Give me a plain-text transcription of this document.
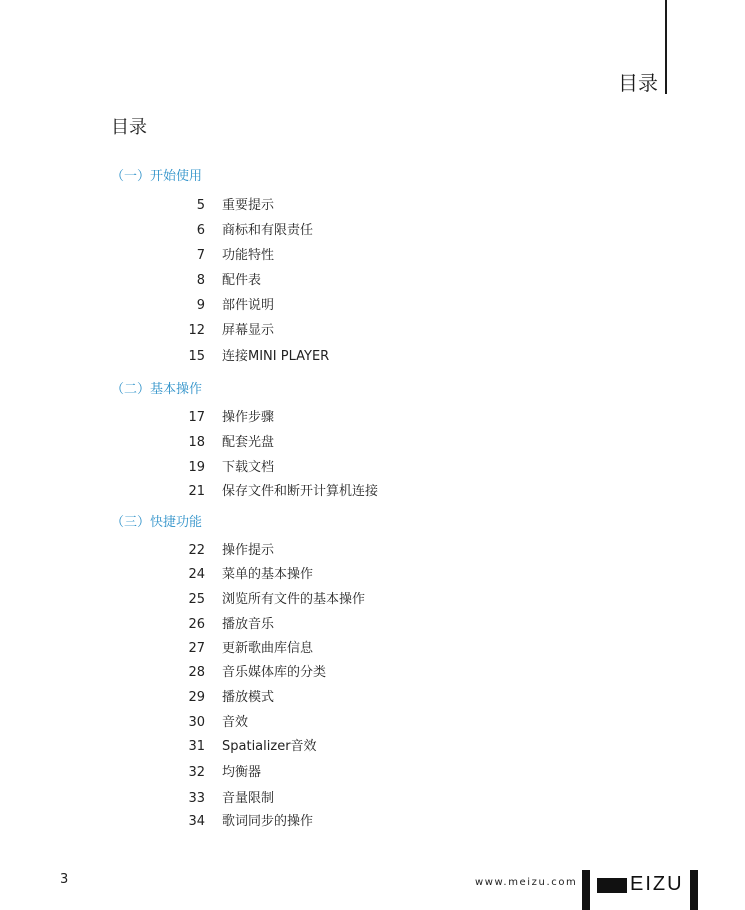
目录
目录
（一）开始使用
5 重要提示
6 商标和有限责任
7 功能特性
8 配件表
9 部件说明
12 屏幕显示
15 连接MINI PLAYER
（二）基本操作
17 操作步骤
18 配套光盘
19 下载文档
21 保存文件和断开计算机连接
（三）快捷功能
22 操作提示
24 菜单的基本操作
25 浏览所有文件的基本操作
26 播放音乐
27 更新歌曲库信息
28 音乐媒体库的分类
29 播放模式
30 音效
31 Spatializer音效
32 均衡器
33 音量限制
34 歌词同步的操作
3	www.meizu.com	EIZU
